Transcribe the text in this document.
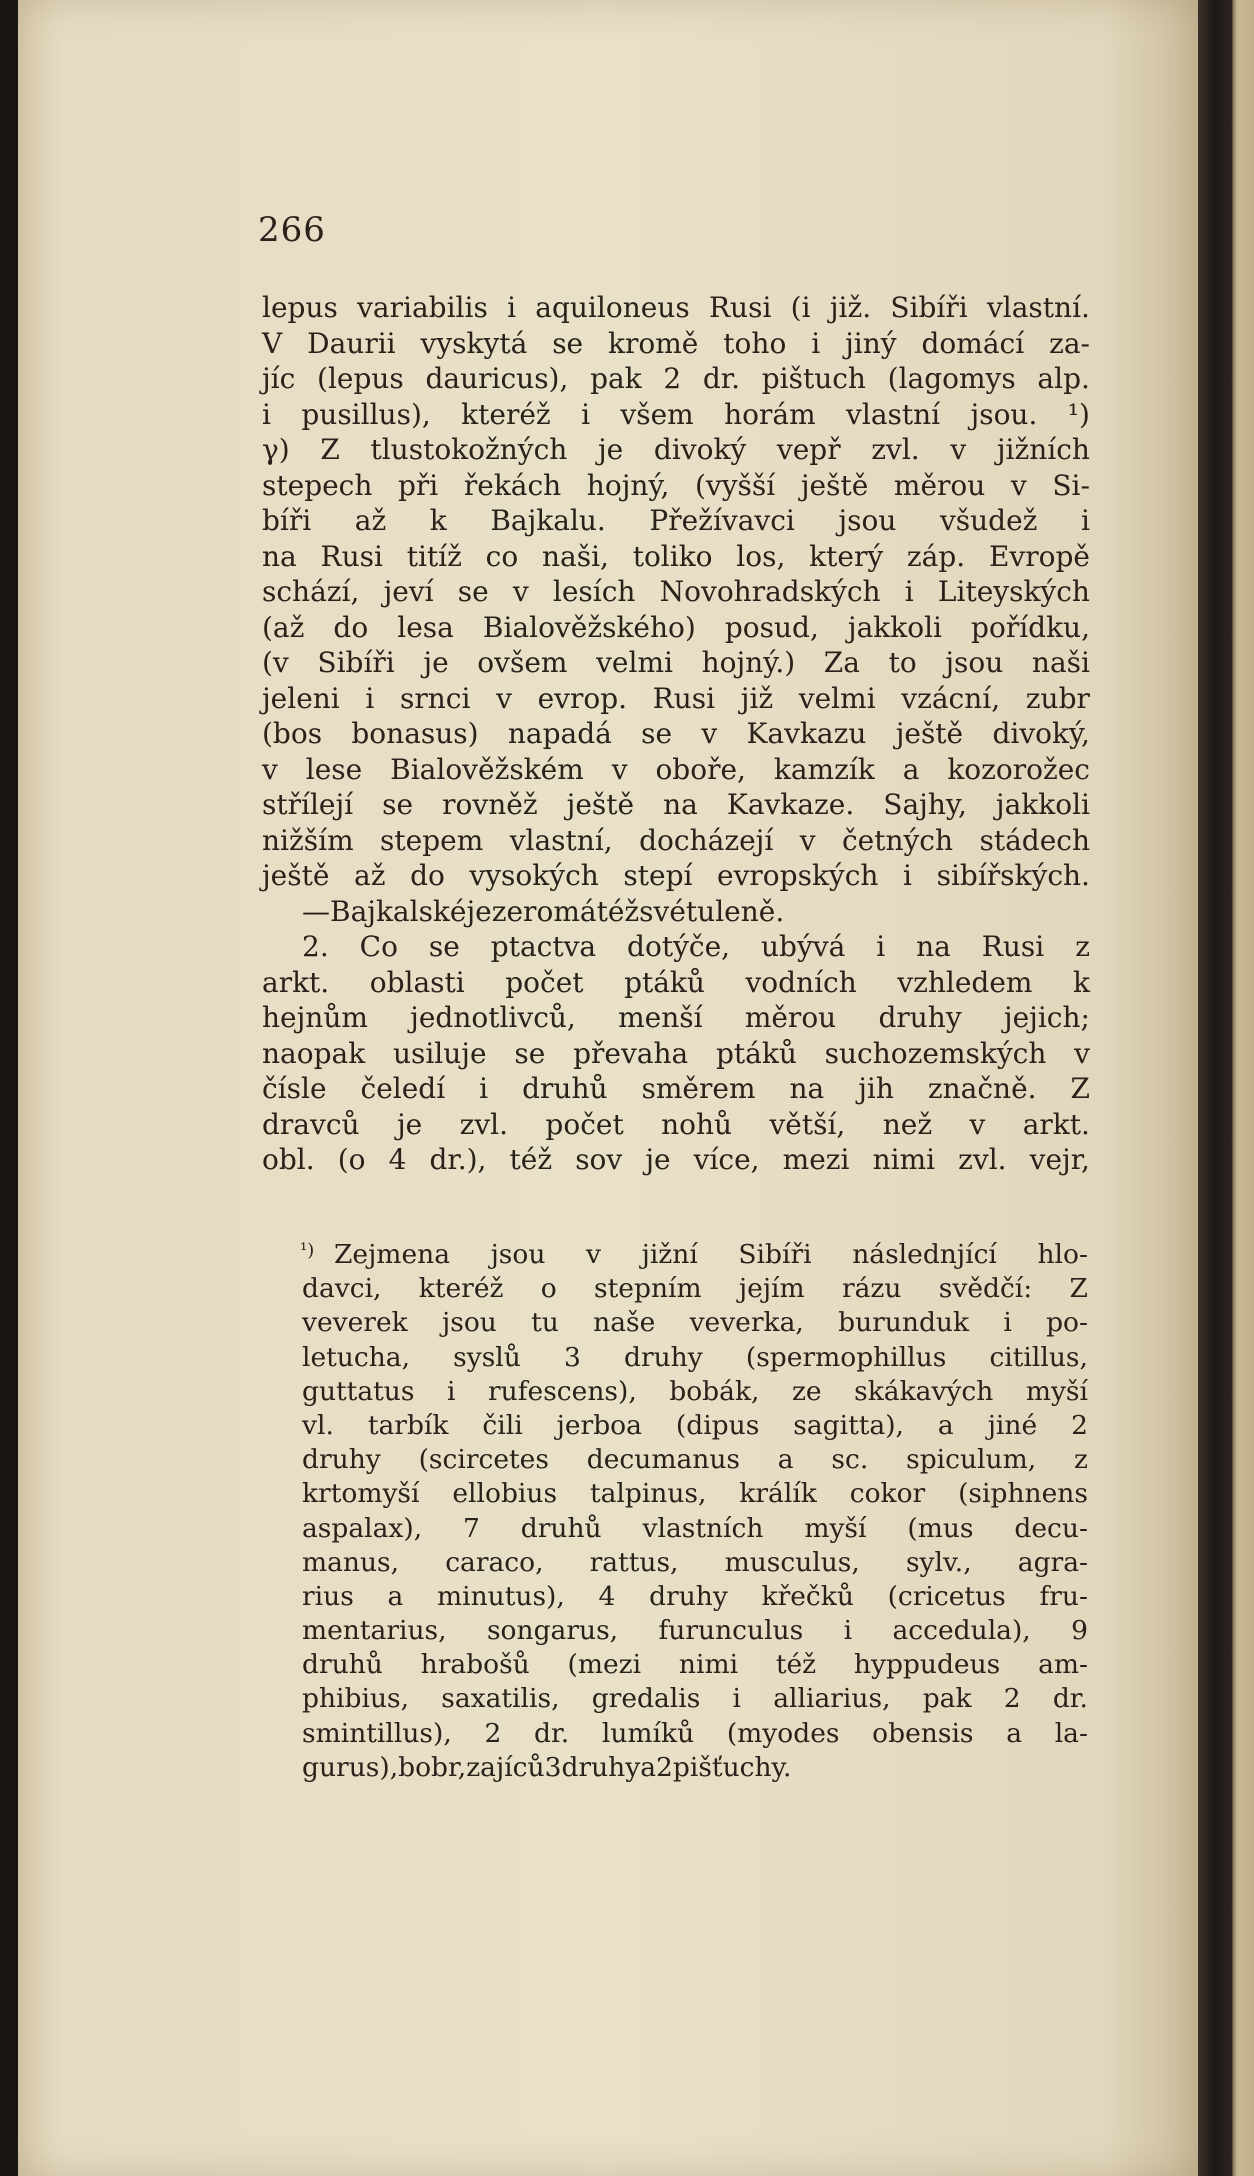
266
lepus variabilis i aquiloneus Rusi (i již. Sibíři vlastní.
V Daurii vyskytá se kromě toho i jiný domácí za-
jíc (lepus dauricus), pak 2 dr. pištuch (lagomys alp.
i pusillus), kteréž i všem horám vlastní jsou. ¹)
γ) Z tlustokožných je divoký vepř zvl. v jižních
stepech při řekách hojný, (vyšší ještě měrou v Si-
bíři až k Bajkalu. Přežívavci jsou všudež i
na Rusi titíž co naši, toliko los, který záp. Evropě
schází, jeví se v lesích Novohradských i Liteyských
(až do lesa Bialověžského) posud, jakkoli pořídku,
(v Sibíři je ovšem velmi hojný.) Za to jsou naši
jeleni i srnci v evrop. Rusi již velmi vzácní, zubr
(bos bonasus) napadá se v Kavkazu ještě divoký,
v lese Bialověžském v oboře, kamzík a kozorožec
střílejí se rovněž ještě na Kavkaze. Sajhy, jakkoli
nižším stepem vlastní, docházejí v četných stádech
ještě až do vysokých stepí evropských i sibířských.
— Bajkalské jezero má též své tuleně.
2. Co se ptactva dotýče, ubývá i na Rusi z
arkt. oblasti počet ptáků vodních vzhledem k
hejnům jednotlivců, menší měrou druhy jejich;
naopak usiluje se převaha ptáků suchozemských v
čísle čeledí i druhů směrem na jih značně. Z
dravců je zvl. počet nohů větší, než v arkt.
obl. (o 4 dr.), též sov je více, mezi nimi zvl. vejr,
¹) Zejmena jsou v jižní Sibíři následnjící hlo-
davci, kteréž o stepním jejím rázu svědčí: Z
veverek jsou tu naše veverka, burunduk i po-
letucha, syslů 3 druhy (spermophillus citillus,
guttatus i rufescens), bobák, ze skákavých myší
vl. tarbík čili jerboa (dipus sagitta), a jiné 2
druhy (scircetes decumanus a sc. spiculum, z
krtomyší ellobius talpinus, králík cokor (siphnens
aspalax), 7 druhů vlastních myší (mus decu-
manus, caraco, rattus, musculus, sylv., agra-
rius a minutus), 4 druhy křečků (cricetus fru-
mentarius, songarus, furunculus i accedula), 9
druhů hrabošů (mezi nimi též hyppudeus am-
phibius, saxatilis, gredalis i alliarius, pak 2 dr.
smintillus), 2 dr. lumíků (myodes obensis a la-
gurus), bobr, zajíců 3 druhy a 2 pišťuchy.
